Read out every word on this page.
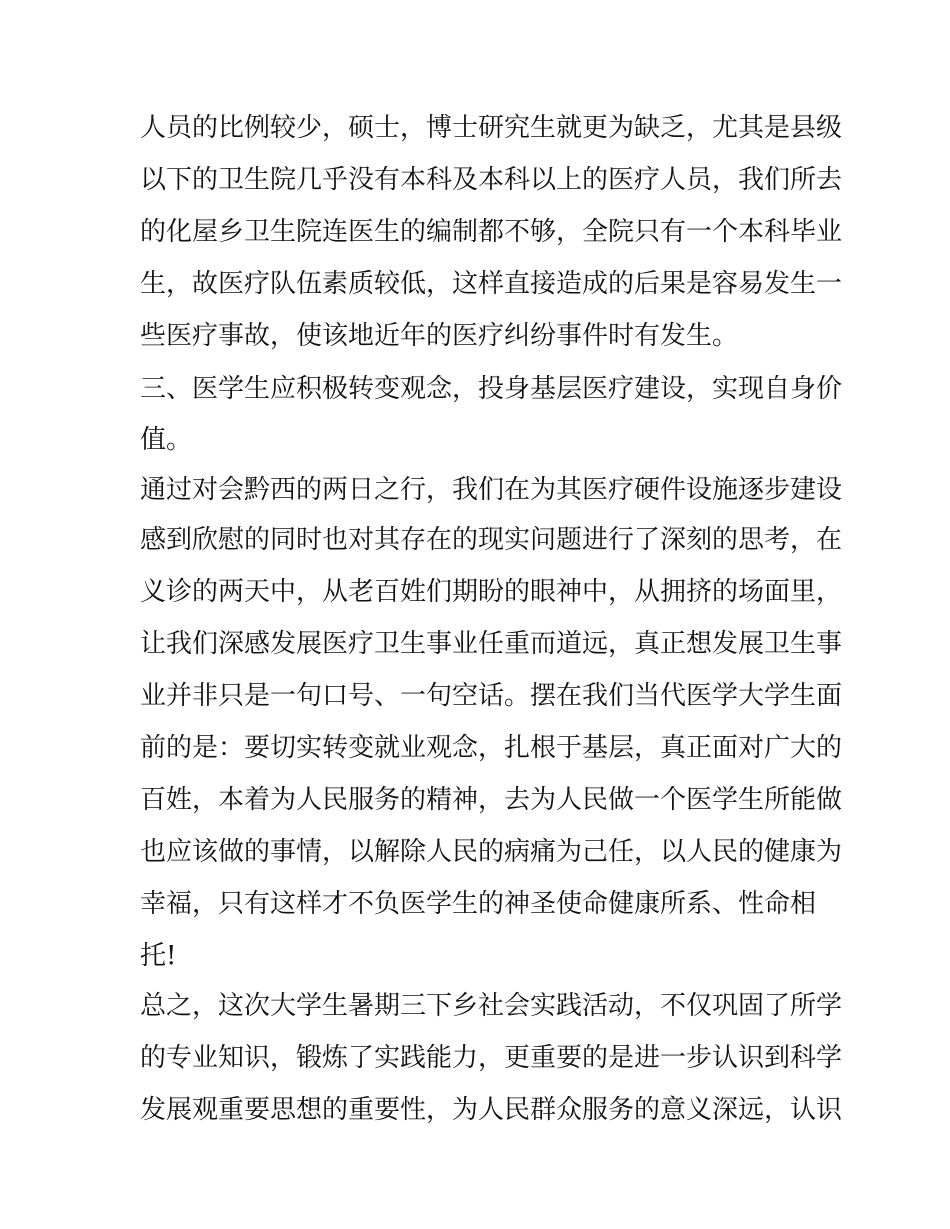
人员的比例较少，硕士，博士研究生就更为缺乏，尤其是县级
以下的卫生院几乎没有本科及本科以上的医疗人员，我们所去
的化屋乡卫生院连医生的编制都不够，全院只有一个本科毕业
生，故医疗队伍素质较低，这样直接造成的后果是容易发生一
些医疗事故，使该地近年的医疗纠纷事件时有发生。
三、医学生应积极转变观念，投身基层医疗建设，实现自身价
值。
通过对会黔西的两日之行，我们在为其医疗硬件设施逐步建设
感到欣慰的同时也对其存在的现实问题进行了深刻的思考，在
义诊的两天中，从老百姓们期盼的眼神中，从拥挤的场面里，
让我们深感发展医疗卫生事业任重而道远，真正想发展卫生事
业并非只是一句口号、一句空话。摆在我们当代医学大学生面
前的是：要切实转变就业观念，扎根于基层，真正面对广大的
百姓，本着为人民服务的精神，去为人民做一个医学生所能做
也应该做的事情，以解除人民的病痛为己任，以人民的健康为
幸福，只有这样才不负医学生的神圣使命健康所系、性命相
托!
总之，这次大学生暑期三下乡社会实践活动，不仅巩固了所学
的专业知识，锻炼了实践能力，更重要的是进一步认识到科学
发展观重要思想的重要性，为人民群众服务的意义深远，认识
